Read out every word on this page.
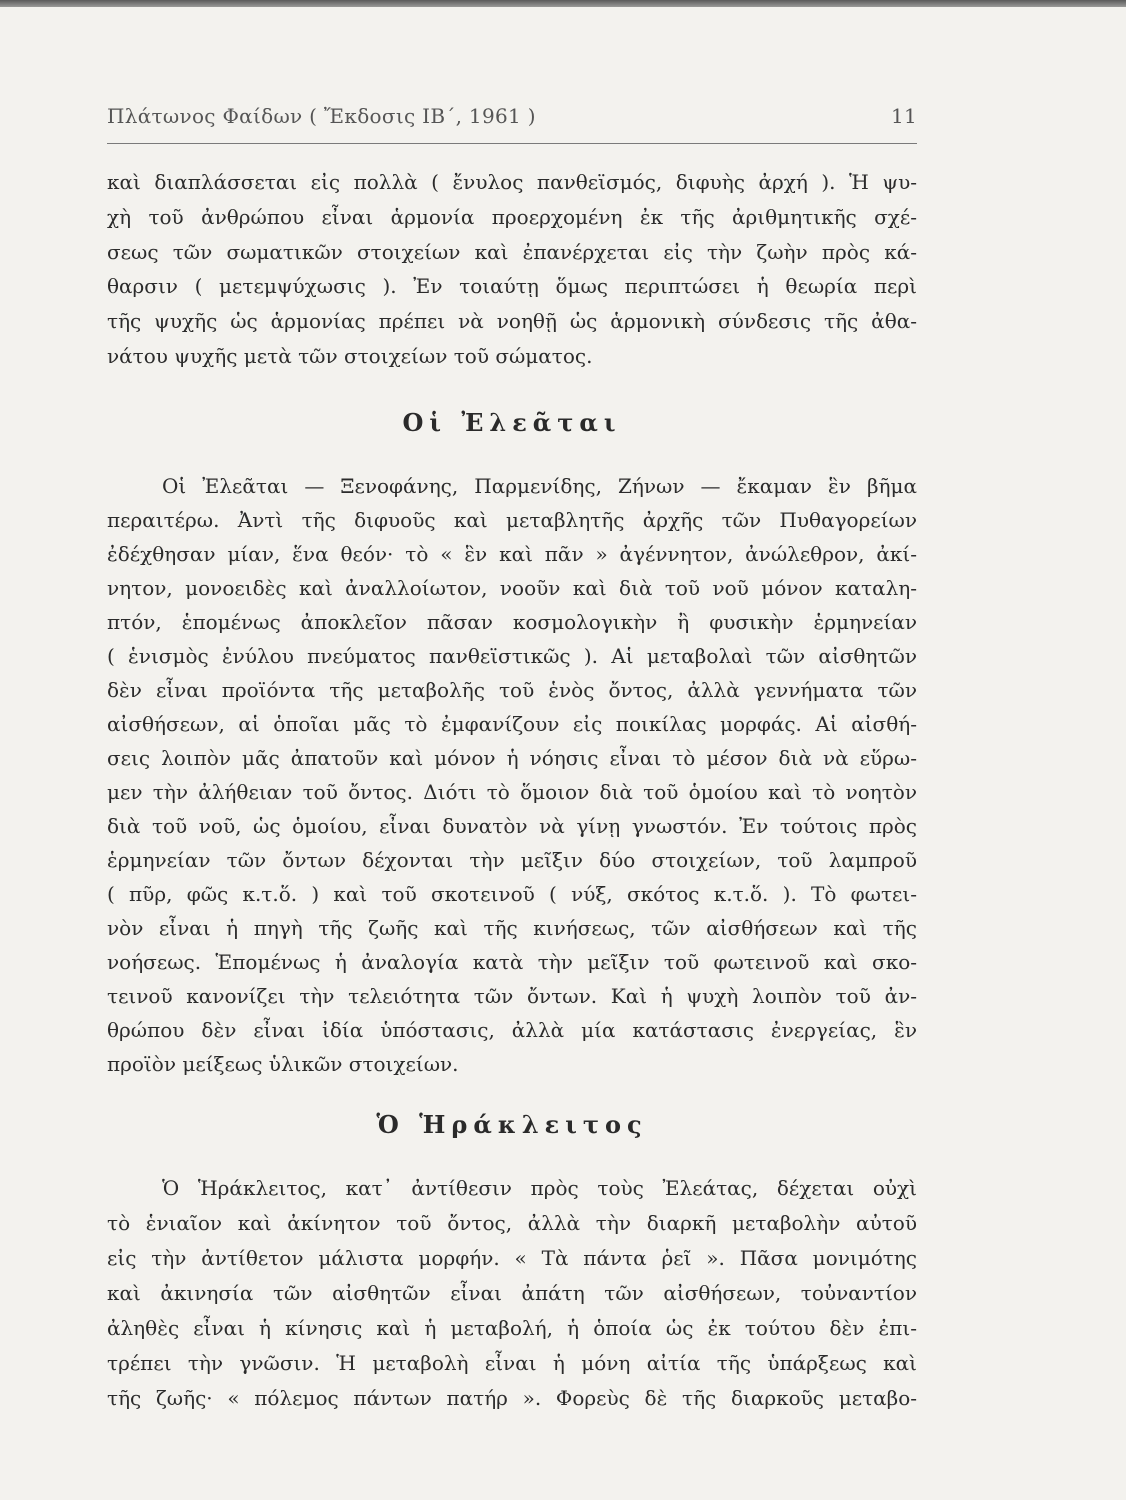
Πλάτωνος Φαίδων ( Ἔκδοσις ΙΒ΄, 1961 )	11
καὶ διαπλάσσεται εἰς πολλὰ ( ἔνυλος πανθεϊσμός, διφυὴς ἀρχή ). Ἡ ψυ-
χὴ τοῦ ἀνθρώπου εἶναι ἁρμονία προερχομένη ἐκ τῆς ἀριθμητικῆς σχέ-
σεως τῶν σωματικῶν στοιχείων καὶ ἐπανέρχεται εἰς τὴν ζωὴν πρὸς κά-
θαρσιν ( μετεμψύχωσις ). Ἐν τοιαύτῃ ὅμως περιπτώσει ἡ θεωρία περὶ
τῆς ψυχῆς ὡς ἁρμονίας πρέπει νὰ νοηθῇ ὡς ἁρμονικὴ σύνδεσις τῆς ἀθα-
νάτου ψυχῆς μετὰ τῶν στοιχείων τοῦ σώματος.
Οἱ Ἐλεᾶται
Οἱ Ἐλεᾶται — Ξενοφάνης, Παρμενίδης, Ζήνων — ἔκαμαν ἓν βῆμα
περαιτέρω. Ἀντὶ τῆς διφυοῦς καὶ μεταβλητῆς ἀρχῆς τῶν Πυθαγορείων
ἐδέχθησαν μίαν, ἕνα θεόν· τὸ « ἓν καὶ πᾶν » ἀγέννητον, ἀνώλεθρον, ἀκί-
νητον, μονοειδὲς καὶ ἀναλλοίωτον, νοοῦν καὶ διὰ τοῦ νοῦ μόνον καταλη-
πτόν, ἑπομένως ἀποκλεῖον πᾶσαν κοσμολογικὴν ἢ φυσικὴν ἑρμηνείαν
( ἑνισμὸς ἐνύλου πνεύματος πανθεϊστικῶς ). Αἱ μεταβολαὶ τῶν αἰσθητῶν
δὲν εἶναι προϊόντα τῆς μεταβολῆς τοῦ ἑνὸς ὄντος, ἀλλὰ γεννήματα τῶν
αἰσθήσεων, αἱ ὁποῖαι μᾶς τὸ ἐμφανίζουν εἰς ποικίλας μορφάς. Αἱ αἰσθή-
σεις λοιπὸν μᾶς ἀπατοῦν καὶ μόνον ἡ νόησις εἶναι τὸ μέσον διὰ νὰ εὕρω-
μεν τὴν ἀλήθειαν τοῦ ὄντος. Διότι τὸ ὅμοιον διὰ τοῦ ὁμοίου καὶ τὸ νοητὸν
διὰ τοῦ νοῦ, ὡς ὁμοίου, εἶναι δυνατὸν νὰ γίνῃ γνωστόν. Ἐν τούτοις πρὸς
ἑρμηνείαν τῶν ὄντων δέχονται τὴν μεῖξιν δύο στοιχείων, τοῦ λαμπροῦ
( πῦρ, φῶς κ.τ.ὅ. ) καὶ τοῦ σκοτεινοῦ ( νύξ, σκότος κ.τ.ὅ. ). Τὸ φωτει-
νὸν εἶναι ἡ πηγὴ τῆς ζωῆς καὶ τῆς κινήσεως, τῶν αἰσθήσεων καὶ τῆς
νοήσεως. Ἑπομένως ἡ ἀναλογία κατὰ τὴν μεῖξιν τοῦ φωτεινοῦ καὶ σκο-
τεινοῦ κανονίζει τὴν τελειότητα τῶν ὄντων. Καὶ ἡ ψυχὴ λοιπὸν τοῦ ἀν-
θρώπου δὲν εἶναι ἰδία ὑπόστασις, ἀλλὰ μία κατάστασις ἐνεργείας, ἓν
προϊὸν μείξεως ὑλικῶν στοιχείων.
Ὁ Ἡράκλειτος
Ὁ Ἡράκλειτος, κατ᾽ ἀντίθεσιν πρὸς τοὺς Ἐλεάτας, δέχεται οὐχὶ
τὸ ἑνιαῖον καὶ ἀκίνητον τοῦ ὄντος, ἀλλὰ τὴν διαρκῆ μεταβολὴν αὐτοῦ
εἰς τὴν ἀντίθετον μάλιστα μορφήν. « Τὰ πάντα ῥεῖ ». Πᾶσα μονιμότης
καὶ ἀκινησία τῶν αἰσθητῶν εἶναι ἀπάτη τῶν αἰσθήσεων, τοὐναντίον
ἀληθὲς εἶναι ἡ κίνησις καὶ ἡ μεταβολή, ἡ ὁποία ὡς ἐκ τούτου δὲν ἐπι-
τρέπει τὴν γνῶσιν. Ἡ μεταβολὴ εἶναι ἡ μόνη αἰτία τῆς ὑπάρξεως καὶ
τῆς ζωῆς· « πόλεμος πάντων πατήρ ». Φορεὺς δὲ τῆς διαρκοῦς μεταβο-
